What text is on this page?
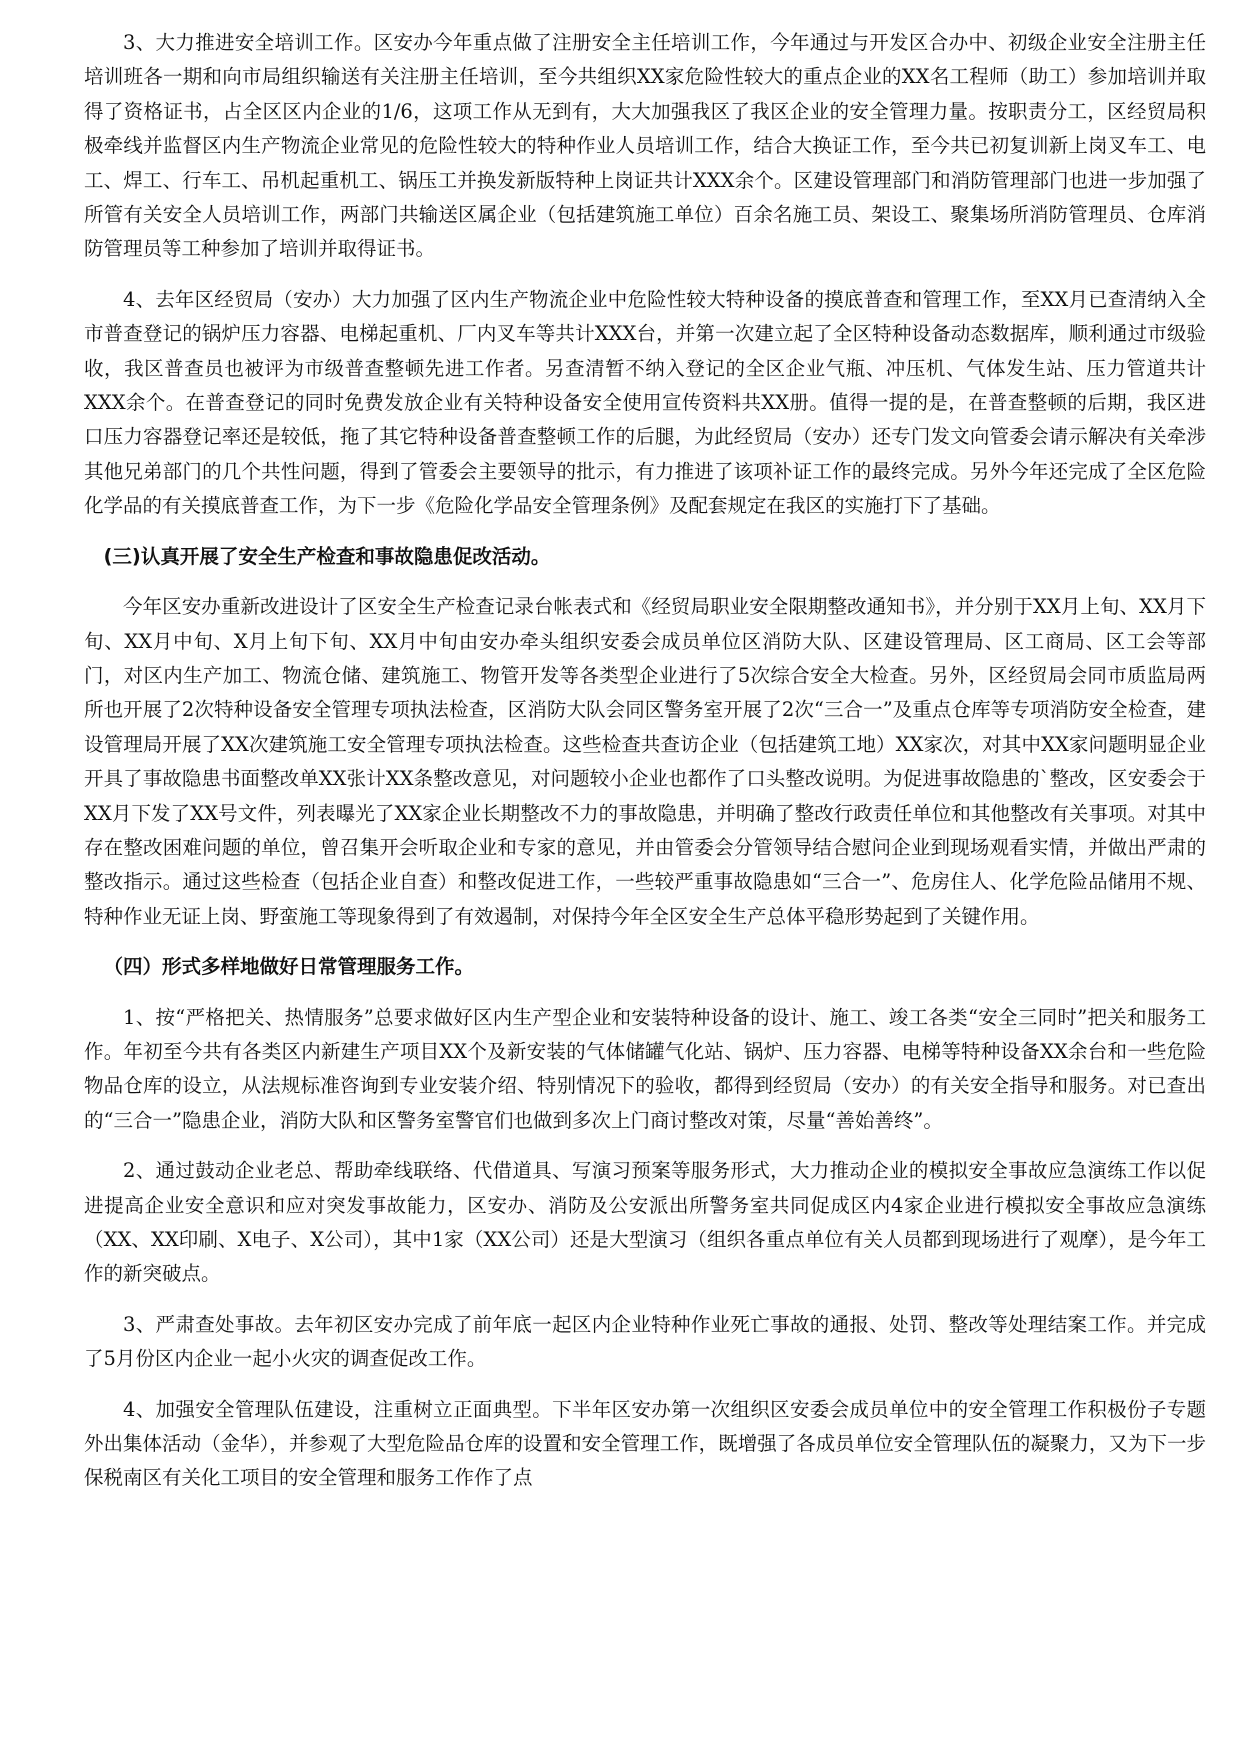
3、大力推进安全培训工作。区安办今年重点做了注册安全主任培训工作，今年通过与开发区合办中、初级企业安全注册主任培训班各一期和向市局组织输送有关注册主任培训，至今共组织XX家危险性较大的重点企业的XX名工程师（助工）参加培训并取得了资格证书，占全区区内企业的1/6，这项工作从无到有，大大加强我区了我区企业的安全管理力量。按职责分工，区经贸局积极牵线并监督区内生产物流企业常见的危险性较大的特种作业人员培训工作，结合大换证工作，至今共已初复训新上岗叉车工、电工、焊工、行车工、吊机起重机工、锅压工并换发新版特种上岗证共计XXX余个。区建设管理部门和消防管理部门也进一步加强了所管有关安全人员培训工作，两部门共输送区属企业（包括建筑施工单位）百余名施工员、架设工、聚集场所消防管理员、仓库消防管理员等工种参加了培训并取得证书。

4、去年区经贸局（安办）大力加强了区内生产物流企业中危险性较大特种设备的摸底普查和管理工作，至XX月已查清纳入全市普查登记的锅炉压力容器、电梯起重机、厂内叉车等共计XXX台，并第一次建立起了全区特种设备动态数据库，顺利通过市级验收，我区普查员也被评为市级普查整顿先进工作者。另查清暂不纳入登记的全区企业气瓶、冲压机、气体发生站、压力管道共计XXX余个。在普查登记的同时免费发放企业有关特种设备安全使用宣传资料共XX册。值得一提的是，在普查整顿的后期，我区进口压力容器登记率还是较低，拖了其它特种设备普查整顿工作的后腿，为此经贸局（安办）还专门发文向管委会请示解决有关牵涉其他兄弟部门的几个共性问题，得到了管委会主要领导的批示，有力推进了该项补证工作的最终完成。另外今年还完成了全区危险化学品的有关摸底普查工作，为下一步《危险化学品安全管理条例》及配套规定在我区的实施打下了基础。

(三)认真开展了安全生产检查和事故隐患促改活动。

今年区安办重新改进设计了区安全生产检查记录台帐表式和《经贸局职业安全限期整改通知书》，并分别于XX月上旬、XX月下旬、XX月中旬、X月上旬下旬、XX月中旬由安办牵头组织安委会成员单位区消防大队、区建设管理局、区工商局、区工会等部门，对区内生产加工、物流仓储、建筑施工、物管开发等各类型企业进行了5次综合安全大检查。另外，区经贸局会同市质监局两所也开展了2次特种设备安全管理专项执法检查，区消防大队会同区警务室开展了2次“三合一”及重点仓库等专项消防安全检查，建设管理局开展了XX次建筑施工安全管理专项执法检查。这些检查共查访企业（包括建筑工地）XX家次，对其中XX家问题明显企业开具了事故隐患书面整改单XX张计XX条整改意见，对问题较小企业也都作了口头整改说明。为促进事故隐患的`整改，区安委会于XX月下发了XX号文件，列表曝光了XX家企业长期整改不力的事故隐患，并明确了整改行政责任单位和其他整改有关事项。对其中存在整改困难问题的单位，曾召集开会听取企业和专家的意见，并由管委会分管领导结合慰问企业到现场观看实情，并做出严肃的整改指示。通过这些检查（包括企业自查）和整改促进工作，一些较严重事故隐患如“三合一”、危房住人、化学危险品储用不规、特种作业无证上岗、野蛮施工等现象得到了有效遏制，对保持今年全区安全生产总体平稳形势起到了关键作用。

（四）形式多样地做好日常管理服务工作。

1、按“严格把关、热情服务”总要求做好区内生产型企业和安装特种设备的设计、施工、竣工各类“安全三同时”把关和服务工作。年初至今共有各类区内新建生产项目XX个及新安装的气体储罐气化站、锅炉、压力容器、电梯等特种设备XX余台和一些危险物品仓库的设立，从法规标准咨询到专业安装介绍、特别情况下的验收，都得到经贸局（安办）的有关安全指导和服务。对已查出的“三合一”隐患企业，消防大队和区警务室警官们也做到多次上门商讨整改对策，尽量“善始善终”。

2、通过鼓动企业老总、帮助牵线联络、代借道具、写演习预案等服务形式，大力推动企业的模拟安全事故应急演练工作以促进提高企业安全意识和应对突发事故能力，区安办、消防及公安派出所警务室共同促成区内4家企业进行模拟安全事故应急演练（XX、XX印刷、X电子、X公司），其中1家（XX公司）还是大型演习（组织各重点单位有关人员都到现场进行了观摩），是今年工作的新突破点。

3、严肃查处事故。去年初区安办完成了前年底一起区内企业特种作业死亡事故的通报、处罚、整改等处理结案工作。并完成了5月份区内企业一起小火灾的调查促改工作。

4、加强安全管理队伍建设，注重树立正面典型。下半年区安办第一次组织区安委会成员单位中的安全管理工作积极份子专题外出集体活动（金华），并参观了大型危险品仓库的设置和安全管理工作，既增强了各成员单位安全管理队伍的凝聚力，又为下一步保税南区有关化工项目的安全管理和服务工作作了点
